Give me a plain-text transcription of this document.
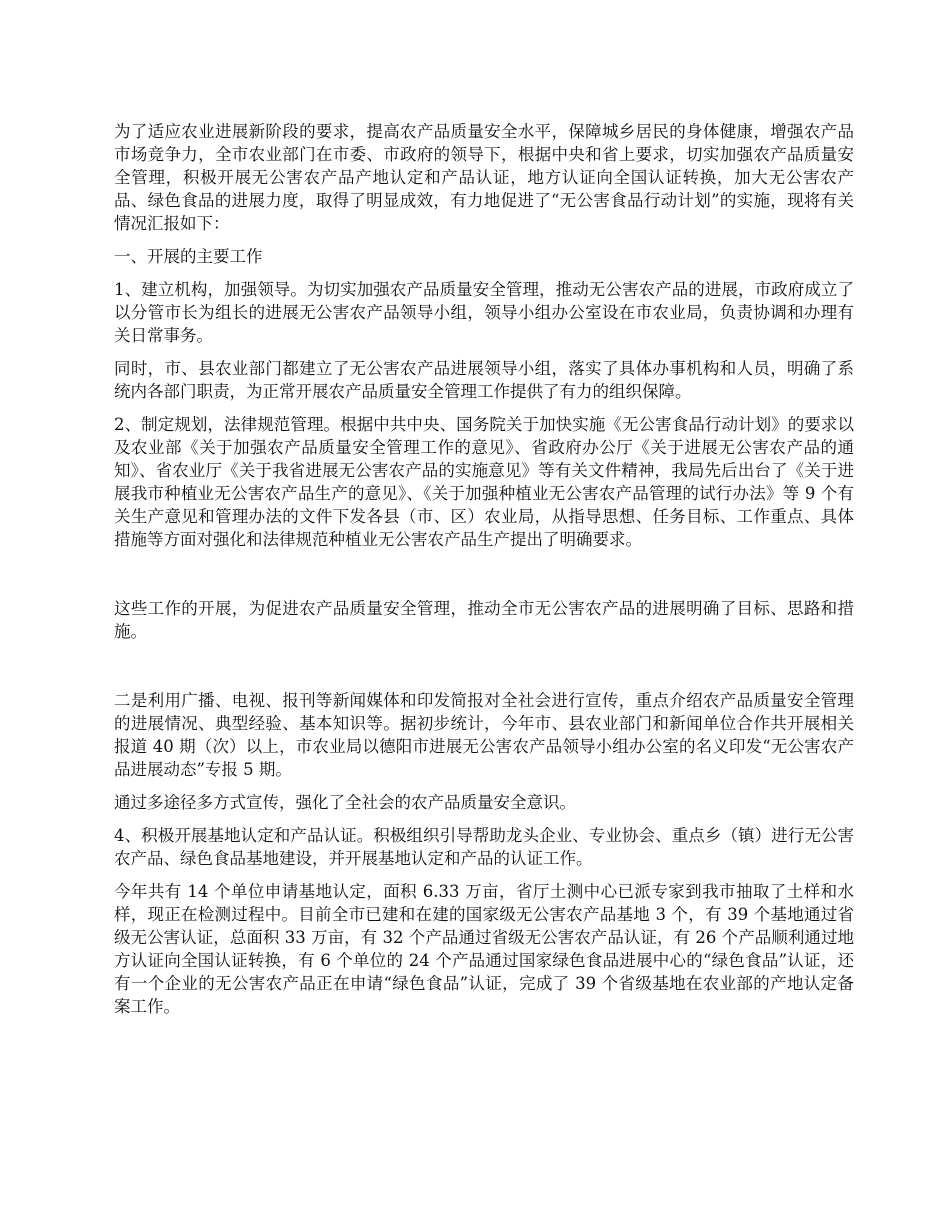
为了适应农业进展新阶段的要求，提高农产品质量安全水平，保障城乡居民的身体健康，增强农产品市场竞争力，全市农业部门在市委、市政府的领导下，根据中央和省上要求，切实加强农产品质量安全管理，积极开展无公害农产品产地认定和产品认证，地方认证向全国认证转换，加大无公害农产品、绿色食品的进展力度，取得了明显成效，有力地促进了“无公害食品行动计划”的实施，现将有关情况汇报如下：

一、开展的主要工作

1、建立机构，加强领导。为切实加强农产品质量安全管理，推动无公害农产品的进展，市政府成立了以分管市长为组长的进展无公害农产品领导小组，领导小组办公室设在市农业局，负责协调和办理有关日常事务。

同时，市、县农业部门都建立了无公害农产品进展领导小组，落实了具体办事机构和人员，明确了系统内各部门职责，为正常开展农产品质量安全管理工作提供了有力的组织保障。

2、制定规划，法律规范管理。根据中共中央、国务院关于加快实施《无公害食品行动计划》的要求以及农业部《关于加强农产品质量安全管理工作的意见》、省政府办公厅《关于进展无公害农产品的通知》、省农业厅《关于我省进展无公害农产品的实施意见》等有关文件精神，我局先后出台了《关于进展我市种植业无公害农产品生产的意见》、《关于加强种植业无公害农产品管理的试行办法》等 9 个有关生产意见和管理办法的文件下发各县（市、区）农业局，从指导思想、任务目标、工作重点、具体措施等方面对强化和法律规范种植业无公害农产品生产提出了明确要求。

这些工作的开展，为促进农产品质量安全管理，推动全市无公害农产品的进展明确了目标、思路和措施。

二是利用广播、电视、报刊等新闻媒体和印发简报对全社会进行宣传，重点介绍农产品质量安全管理的进展情况、典型经验、基本知识等。据初步统计，今年市、县农业部门和新闻单位合作共开展相关报道 40 期（次）以上，市农业局以德阳市进展无公害农产品领导小组办公室的名义印发“无公害农产品进展动态”专报 5 期。

通过多途径多方式宣传，强化了全社会的农产品质量安全意识。

4、积极开展基地认定和产品认证。积极组织引导帮助龙头企业、专业协会、重点乡（镇）进行无公害农产品、绿色食品基地建设，并开展基地认定和产品的认证工作。

今年共有 14 个单位申请基地认定，面积 6.33 万亩，省厅土测中心已派专家到我市抽取了土样和水样，现正在检测过程中。目前全市已建和在建的国家级无公害农产品基地 3 个，有 39 个基地通过省级无公害认证，总面积 33 万亩，有 32 个产品通过省级无公害农产品认证，有 26 个产品顺利通过地方认证向全国认证转换，有 6 个单位的 24 个产品通过国家绿色食品进展中心的“绿色食品”认证，还有一个企业的无公害农产品正在申请“绿色食品”认证，完成了 39 个省级基地在农业部的产地认定备案工作。
